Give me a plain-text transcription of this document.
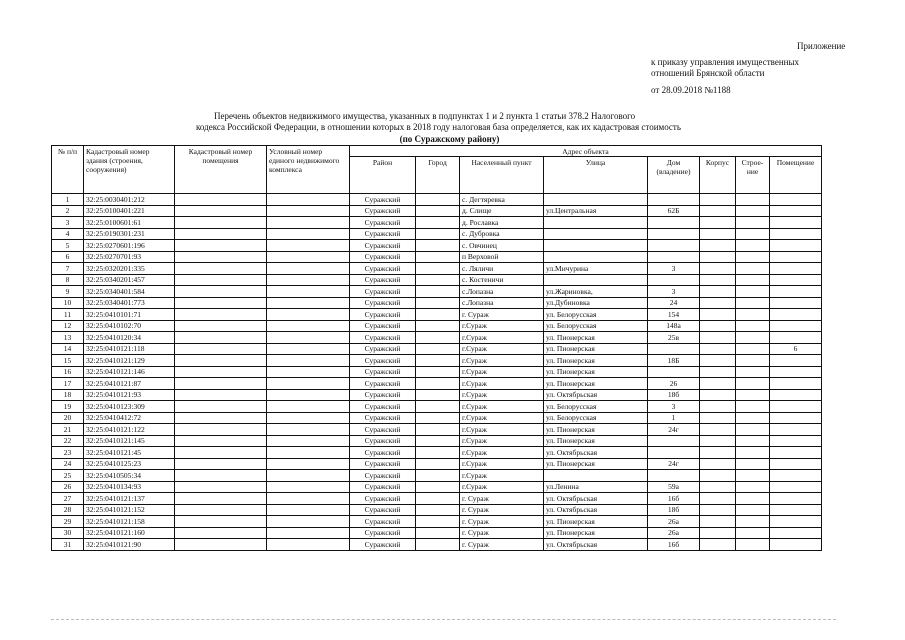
Приложение
к приказу управления имущественных
отношений Брянской области
от 28.09.2018 №1188
Перечень объектов недвижимого имущества, указанных в подпунктах 1 и 2 пункта 1 статьи 378.2 Налогового
кодекса Российской Федерации, в отношении которых в 2018 году налоговая база определяется, как их кадастровая стоимость
(по Суражскому району)
№ п/п	Кадастровый номер здания (строения, сооружения)	Кадастровый номер помещения	Условный номер единого недвижимого комплекса	Адрес объекта							
				Район	Город	Населенный пункт	Улица	Дом (владение)	Корпус	Строе-ние	Помещение
1	32:25:0030401:212			Суражский		с. Дегтяревка					
2	32:25:0100401:221			Суражский		д. Слище	ул.Центральная	62Б			
3	32:25:0100601:61			Суражский		д. Рославка					
4	32:25:0190301:231			Суражский		с. Дубровка					
5	32:25:0270601:196			Суражский		с. Овчинец					
6	32:25:0270701:93			Суражский		п Верховой					
7	32:25:0320201:335			Суражский		с. Ляличи	ул.Мичурина	3			
8	32:25:0340201:457			Суражский		с. Костеничи					
9	32:25:0340401:584			Суражский		с.Лопазна	ул.Жариновка,	3			
10	32:25:0340401:773			Суражский		с.Лопазна	ул.Дубиновка	24			
11	32:25:0410101:71			Суражский		г. Сураж	ул. Белорусская	154			
12	32:25:0410102:70			Суражский		г.Сураж	ул. Белорусская	148а			
13	32:25:0410120:34			Суражский		г.Сураж	ул. Пионерская	25в			
14	32:25:0410121:118			Суражский		г.Сураж	ул. Пионерская				6
15	32:25:0410121:129			Суражский		г.Сураж	ул. Пионерская	18Б			
16	32:25:0410121:146			Суражский		г.Сураж	ул. Пионерская				
17	32:25:0410121:87			Суражский		г.Сураж	ул. Пионерская	26			
18	32:25:0410121:93			Суражский		г.Сураж	ул. Октябрьская	18б			
19	32:25:0410123:309			Суражский		г.Сураж	ул. Белорусская	3			
20	32:25:0410412:72			Суражский		г.Сураж	ул. Белорусская	1			
21	32:25:0410121:122			Суражский		г.Сураж	ул. Пионерская	24г			
22	32:25:0410121:145			Суражский		г.Сураж	ул. Пионерская				
23	32:25:0410121:45			Суражский		г.Сураж	ул. Октябрьская				
24	32:25:0410125:23			Суражский		г.Сураж	ул. Пионерская	24г			
25	32:25:0410505:34			Суражский		г.Сураж					
26	32:25:0410134:93			Суражский		г.Сураж	ул.Ленина	59а			
27	32:25:0410121:137			Суражский		г. Сураж	ул. Октябрьская	16б			
28	32:25:0410121:152			Суражский		г. Сураж	ул. Октябрьская	18б			
29	32:25:0410121:158			Суражский		г. Сураж	ул. Пионерская	26а			
30	32:25:0410121:160			Суражский		г. Сураж	ул. Пионерская	26а			
31	32:25:0410121:90			Суражский		г. Сураж	ул. Октябрьская	16б			
